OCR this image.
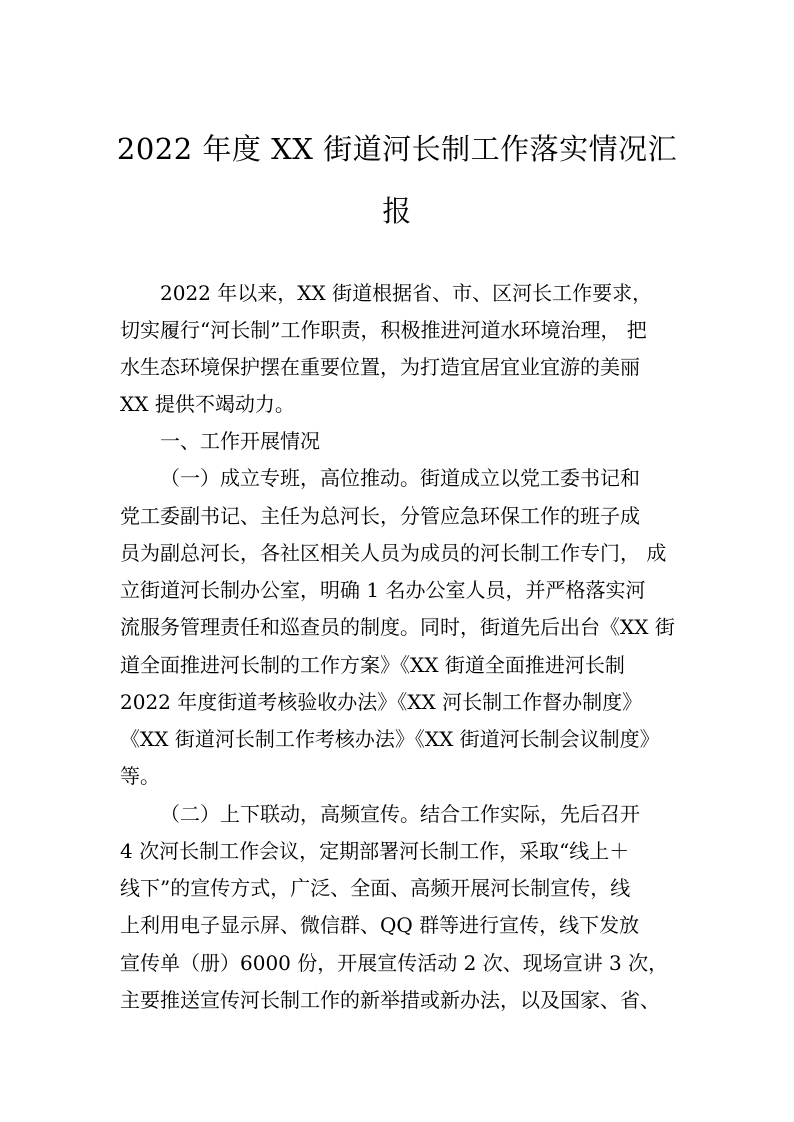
2022 年度 XX 街道河长制工作落实情况汇
报
2022 年以来，XX 街道根据省、市、区河长工作要求，
切实履行“河长制”工作职责，积极推进河道水环境治理， 把
水生态环境保护摆在重要位置，为打造宜居宜业宜游的美丽
XX 提供不竭动力。
一、工作开展情况
（一）成立专班，高位推动。街道成立以党工委书记和
党工委副书记、主任为总河长，分管应急环保工作的班子成
员为副总河长，各社区相关人员为成员的河长制工作专门， 成
立街道河长制办公室，明确 1 名办公室人员，并严格落实河
流服务管理责任和巡查员的制度。同时，街道先后出台《XX 街
道全面推进河长制的工作方案》《XX 街道全面推进河长制
2022 年度街道考核验收办法》《XX 河长制工作督办制度》
《XX 街道河长制工作考核办法》《XX 街道河长制会议制度》
等。
（二）上下联动，高频宣传。结合工作实际，先后召开
4 次河长制工作会议，定期部署河长制工作，采取“线上＋
线下”的宣传方式，广泛、全面、高频开展河长制宣传，线
上利用电子显示屏、微信群、QQ 群等进行宣传，线下发放
宣传单（册）6000 份，开展宣传活动 2 次、现场宣讲 3 次，
主要推送宣传河长制工作的新举措或新办法，以及国家、省、
